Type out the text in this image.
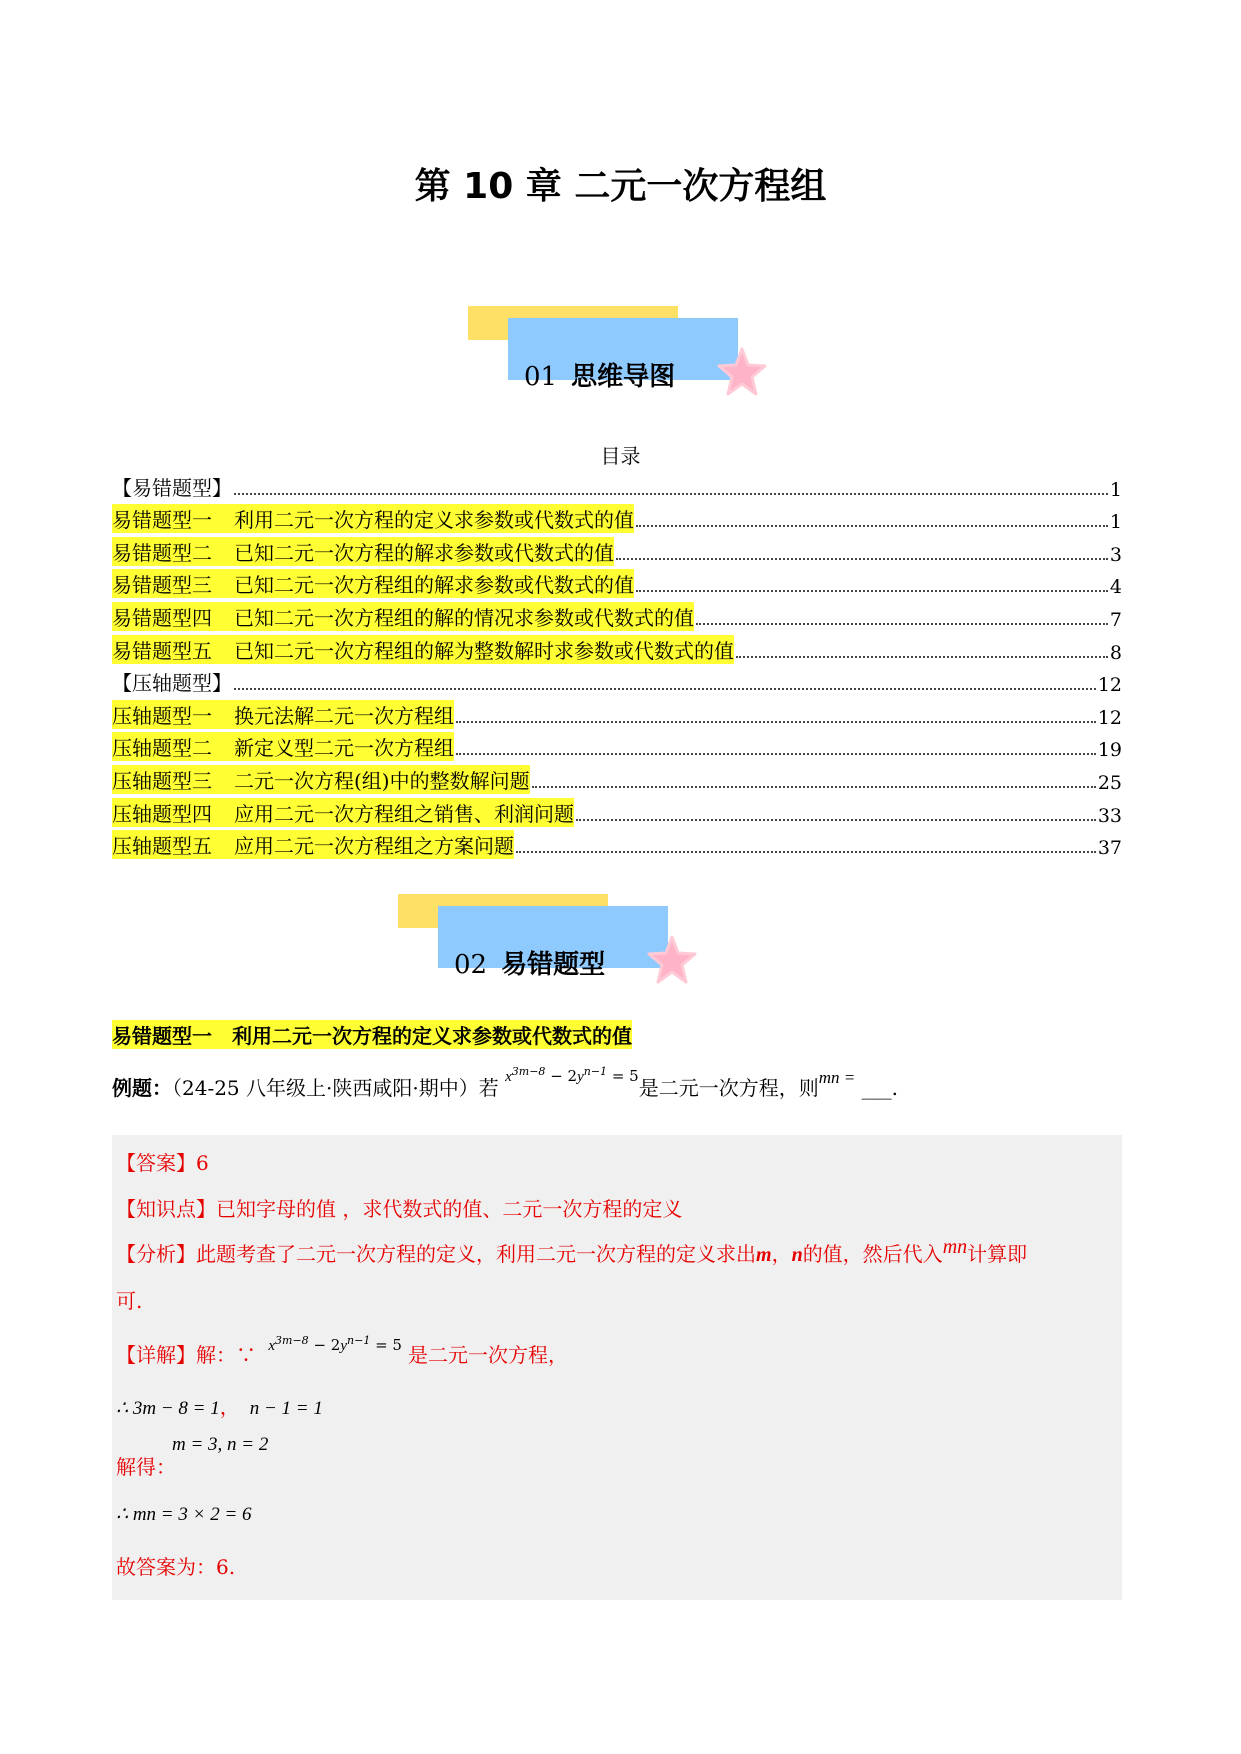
第 10 章 二元一次方程组
01 思维导图
目录
【易错题型】	1
易错题型一 利用二元一次方程的定义求参数或代数式的值	1
易错题型二 已知二元一次方程的解求参数或代数式的值	3
易错题型三 已知二元一次方程组的解求参数或代数式的值	4
易错题型四 已知二元一次方程组的解的情况求参数或代数式的值	7
易错题型五 已知二元一次方程组的解为整数解时求参数或代数式的值	8
【压轴题型】	12
压轴题型一 换元法解二元一次方程组	12
压轴题型二 新定义型二元一次方程组	19
压轴题型三 二元一次方程(组)中的整数解问题	25
压轴题型四 应用二元一次方程组之销售、利润问题	33
压轴题型五 应用二元一次方程组之方案问题	37
02 易错题型
易错题型一 利用二元一次方程的定义求参数或代数式的值
例题：（24-25 八年级上·陕西咸阳·期中）若 $^{x^{3m-8} - 2y^{n-1} = 5}$是二元一次方程，则$^{mn =}$ ___.
【答案】6
【知识点】已知字母的值 ，求代数式的值、二元一次方程的定义
【分析】此题考查了二元一次方程的定义，利用二元一次方程的定义求出m，n的值，然后代入mn计算即
可.
【详解】解：∵ $^{x^{3m-8} - 2y^{n-1} = 5}$ 是二元一次方程，
∴ 3m − 8 = 1， n − 1 = 1
解得：
m = 3, n = 2
∴ mn = 3 × 2 = 6
故答案为：6.
